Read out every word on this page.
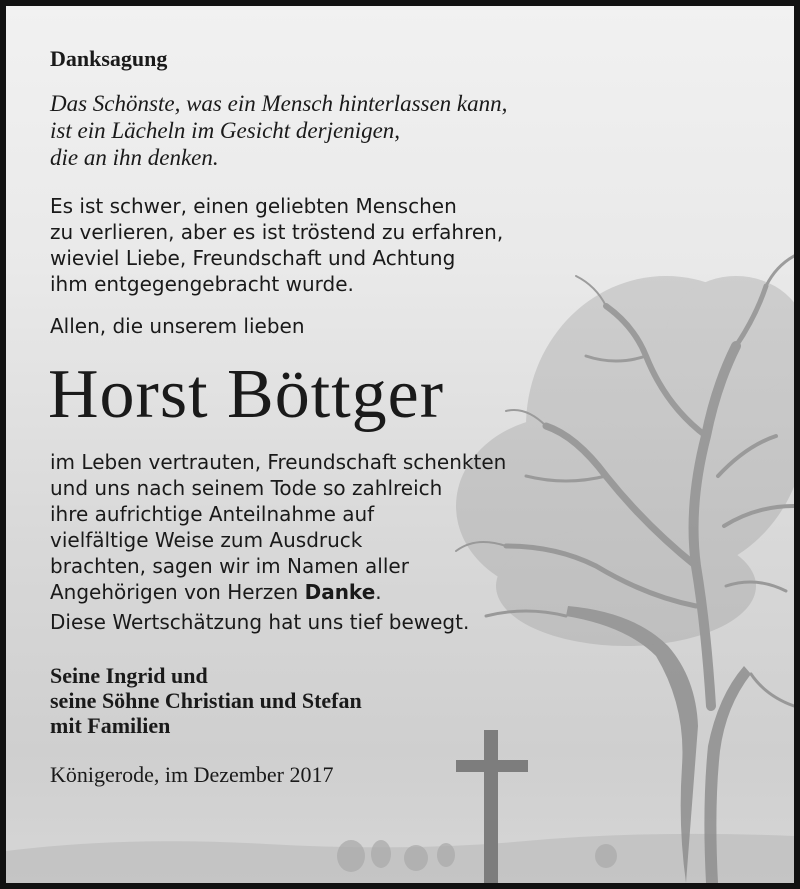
Danksagung
Das Schönste, was ein Mensch hinterlassen kann,
ist ein Lächeln im Gesicht derjenigen,
die an ihn denken.
Es ist schwer, einen geliebten Menschen
zu verlieren, aber es ist tröstend zu erfahren,
wieviel Liebe, Freundschaft und Achtung
ihm entgegengebracht wurde.
Allen, die unserem lieben
Horst Böttger
im Leben vertrauten, Freundschaft schenkten
und uns nach seinem Tode so zahlreich
ihre aufrichtige Anteilnahme auf
vielfältige Weise zum Ausdruck
brachten, sagen wir im Namen aller
Angehörigen von Herzen Danke.
Diese Wertschätzung hat uns tief bewegt.
Seine Ingrid und
seine Söhne Christian und Stefan
mit Familien
Königerode, im Dezember 2017
